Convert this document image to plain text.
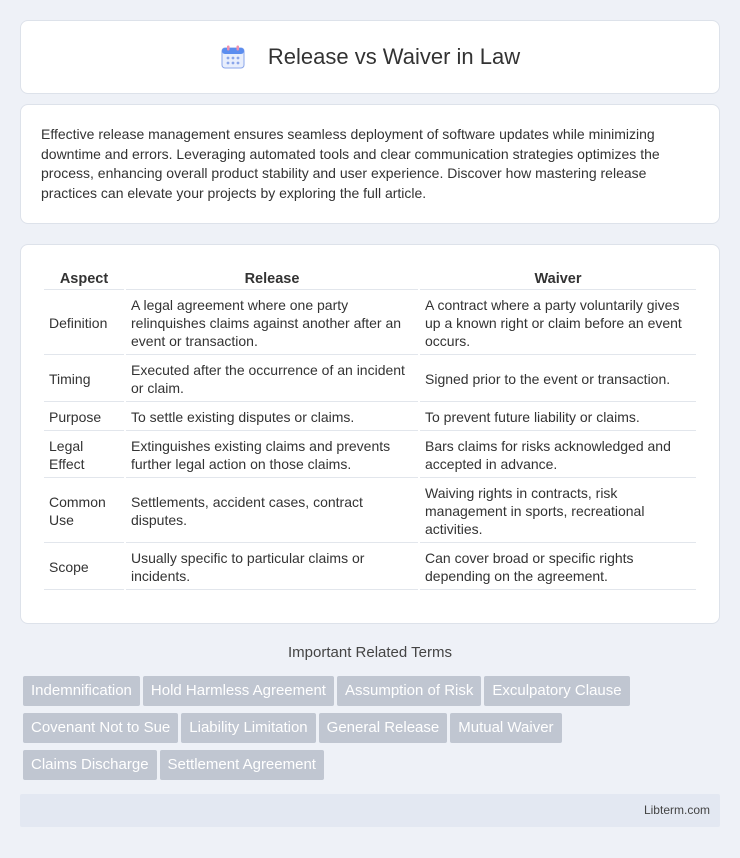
Release vs Waiver in Law

Effective release management ensures seamless deployment of software updates while minimizing downtime and errors. Leveraging automated tools and clear communication strategies optimizes the process, enhancing overall product stability and user experience. Discover how mastering release practices can elevate your projects by exploring the full article.

Aspect	Release	Waiver
Definition	A legal agreement where one party relinquishes claims against another after an event or transaction.	A contract where a party voluntarily gives up a known right or claim before an event occurs.
Timing	Executed after the occurrence of an incident or claim.	Signed prior to the event or transaction.
Purpose	To settle existing disputes or claims.	To prevent future liability or claims.
Legal Effect	Extinguishes existing claims and prevents further legal action on those claims.	Bars claims for risks acknowledged and accepted in advance.
Common Use	Settlements, accident cases, contract disputes.	Waiving rights in contracts, risk management in sports, recreational activities.
Scope	Usually specific to particular claims or incidents.	Can cover broad or specific rights depending on the agreement.
Important Related Terms
Indemnification Hold Harmless Agreement Assumption of Risk Exculpatory Clause
Covenant Not to Sue Liability Limitation General Release Mutual Waiver
Claims Discharge Settlement Agreement
Libterm.com
